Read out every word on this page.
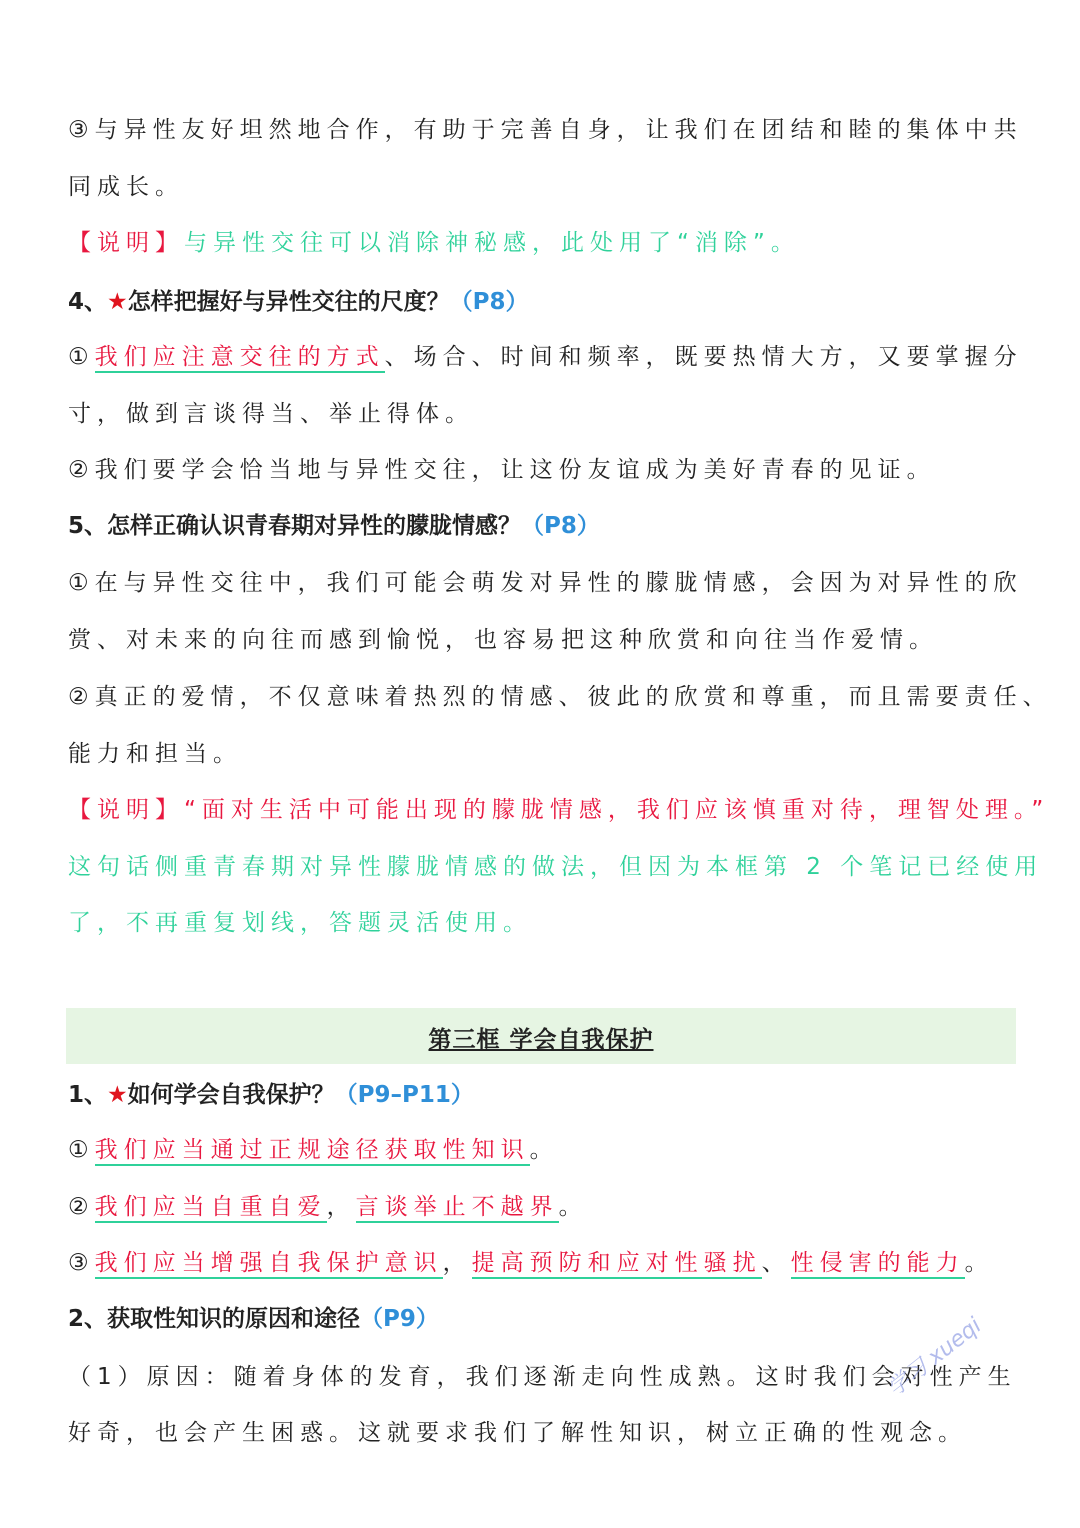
③与异性友好坦然地合作，有助于完善自身，让我们在团结和睦的集体中共
同成长。
【说明】与异性交往可以消除神秘感，此处用了“消除”。
4、★怎样把握好与异性交往的尺度？（P8）
①我们应注意交往的方式、场合、时间和频率，既要热情大方，又要掌握分
寸，做到言谈得当、举止得体。
②我们要学会恰当地与异性交往，让这份友谊成为美好青春的见证。
5、怎样正确认识青春期对异性的朦胧情感？（P8）
①在与异性交往中，我们可能会萌发对异性的朦胧情感，会因为对异性的欣
赏、对未来的向往而感到愉悦，也容易把这种欣赏和向往当作爱情。
②真正的爱情，不仅意味着热烈的情感、彼此的欣赏和尊重，而且需要责任、
能力和担当。
【说明】“面对生活中可能出现的朦胧情感，我们应该慎重对待，理智处理。”
这句话侧重青春期对异性朦胧情感的做法，但因为本框第 2 个笔记已经使用
了，不再重复划线，答题灵活使用。
第三框 学会自我保护
1、★如何学会自我保护？（P9–P11）
①我们应当通过正规途径获取性知识。
②我们应当自重自爱，言谈举止不越界。
③我们应当增强自我保护意识，提高预防和应对性骚扰、性侵害的能力。
2、获取性知识的原因和途径（P9）
（1）原因：随着身体的发育，我们逐渐走向性成熟。这时我们会对性产生
好奇，也会产生困惑。这就要求我们了解性知识，树立正确的性观念。
学习 xueqi
